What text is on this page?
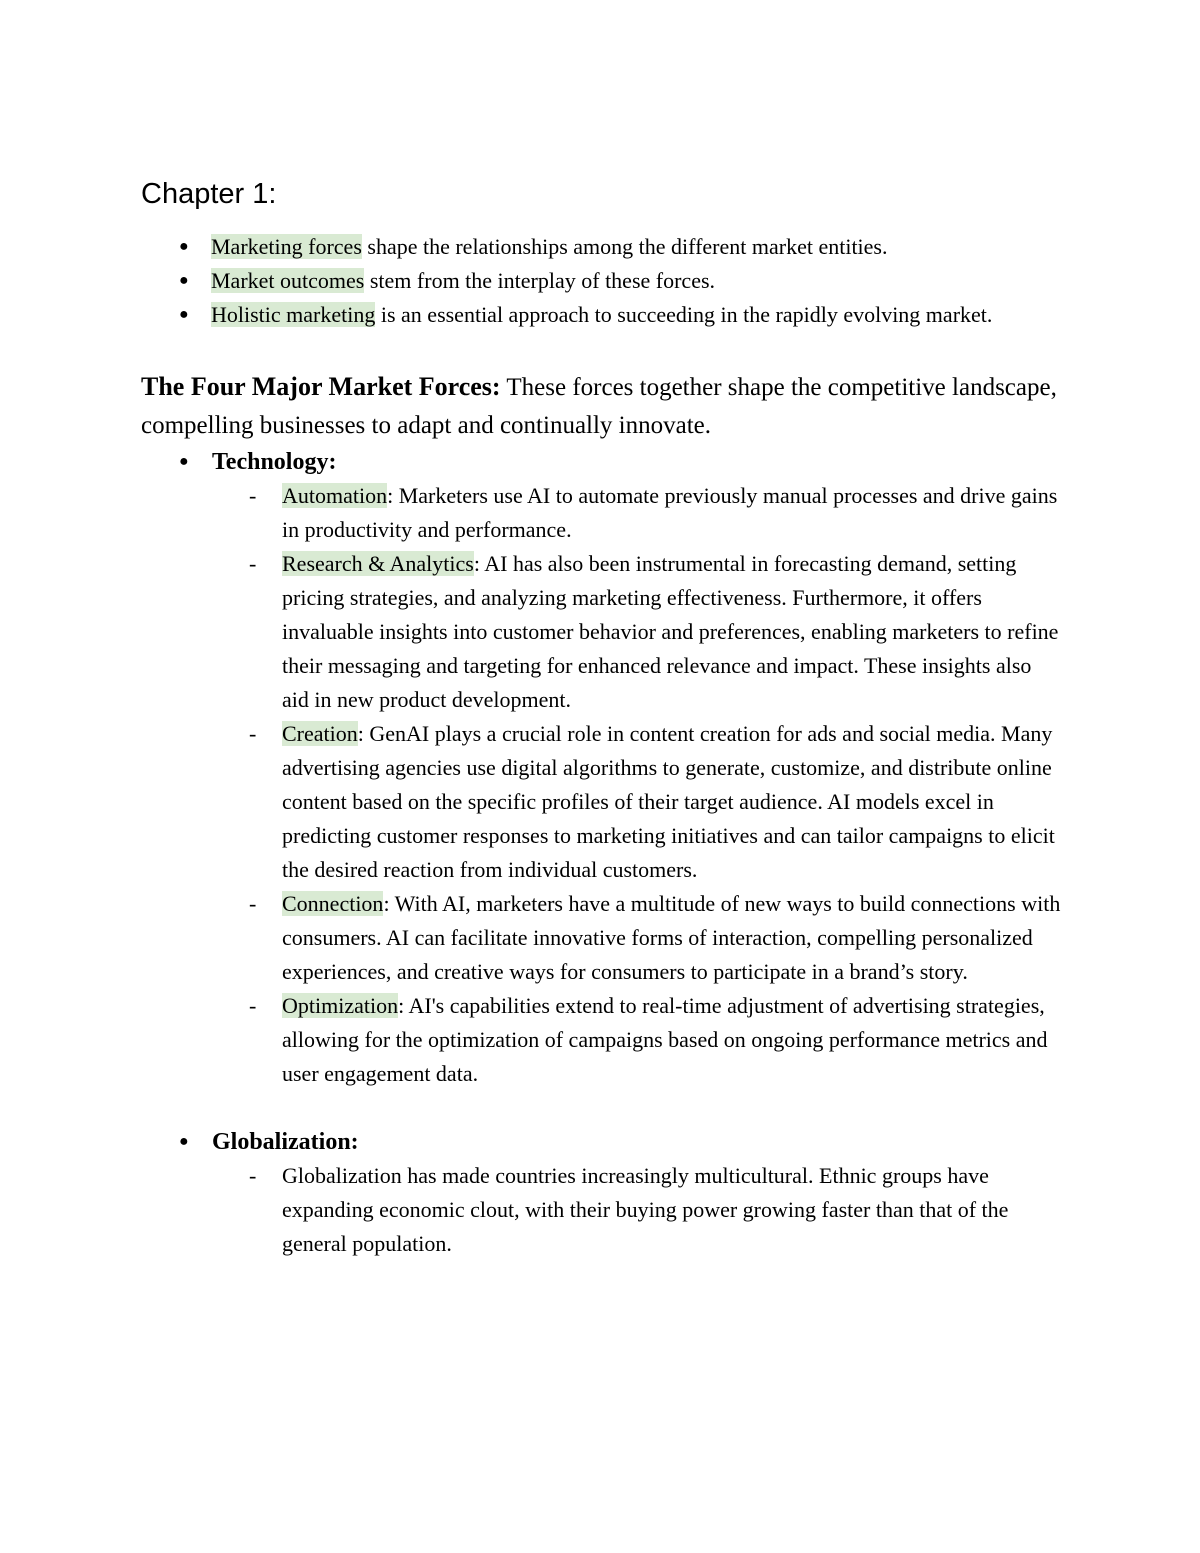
Chapter 1:
● Marketing forces shape the relationships among the different market entities.
● Market outcomes stem from the interplay of these forces.
● Holistic marketing is an essential approach to succeeding in the rapidly evolving market.
The Four Major Market Forces: These forces together shape the competitive landscape, compelling businesses to adapt and continually innovate.
● Technology:
- Automation: Marketers use AI to automate previously manual processes and drive gains in productivity and performance.
- Research & Analytics: AI has also been instrumental in forecasting demand, setting pricing strategies, and analyzing marketing effectiveness. Furthermore, it offers invaluable insights into customer behavior and preferences, enabling marketers to refine their messaging and targeting for enhanced relevance and impact. These insights also aid in new product development.
- Creation: GenAI plays a crucial role in content creation for ads and social media. Many advertising agencies use digital algorithms to generate, customize, and distribute online content based on the specific profiles of their target audience. AI models excel in predicting customer responses to marketing initiatives and can tailor campaigns to elicit the desired reaction from individual customers.
- Connection: With AI, marketers have a multitude of new ways to build connections with consumers. AI can facilitate innovative forms of interaction, compelling personalized experiences, and creative ways for consumers to participate in a brand’s story.
- Optimization: AI's capabilities extend to real-time adjustment of advertising strategies, allowing for the optimization of campaigns based on ongoing performance metrics and user engagement data.
● Globalization:
- Globalization has made countries increasingly multicultural. Ethnic groups have expanding economic clout, with their buying power growing faster than that of the general population.
